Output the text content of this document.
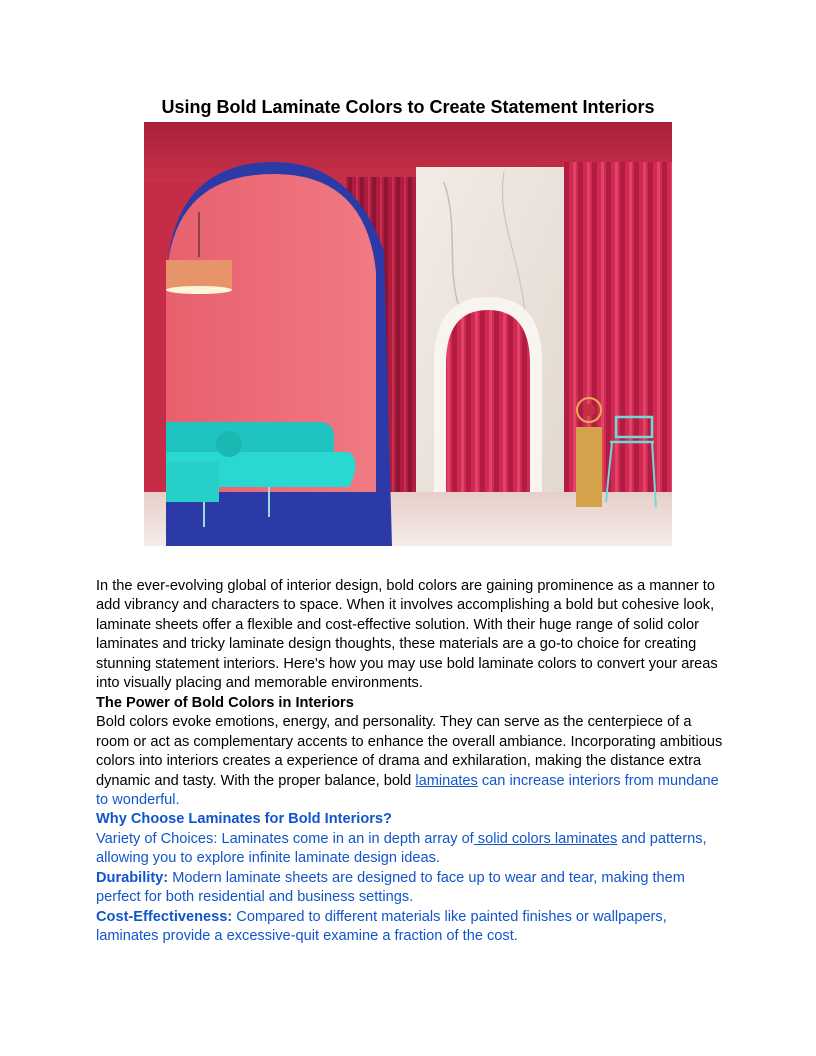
Using Bold Laminate Colors to Create Statement Interiors

In the ever-evolving global of interior design, bold colors are gaining prominence as a manner to add vibrancy and characters to space. When it involves accomplishing a bold but cohesive look, laminate sheets offer a flexible and cost-effective solution. With their huge range of solid color laminates and tricky laminate design thoughts, these materials are a go-to choice for creating stunning statement interiors. Here's how you may use bold laminate colors to convert your areas into visually placing and memorable environments.

The Power of Bold Colors in Interiors

Bold colors evoke emotions, energy, and personality. They can serve as the centerpiece of a room or act as complementary accents to enhance the overall ambiance. Incorporating ambitious colors into interiors creates a experience of drama and exhilaration, making the distance extra dynamic and tasty. With the proper balance, bold laminates can increase interiors from mundane to wonderful.

Why Choose Laminates for Bold Interiors?

Variety of Choices: Laminates come in an in depth array of solid colors laminates and patterns, allowing you to explore infinite laminate design ideas.

Durability: Modern laminate sheets are designed to face up to wear and tear, making them perfect for both residential and business settings.

Cost-Effectiveness: Compared to different materials like painted finishes or wallpapers, laminates provide a excessive-quit examine a fraction of the cost.
